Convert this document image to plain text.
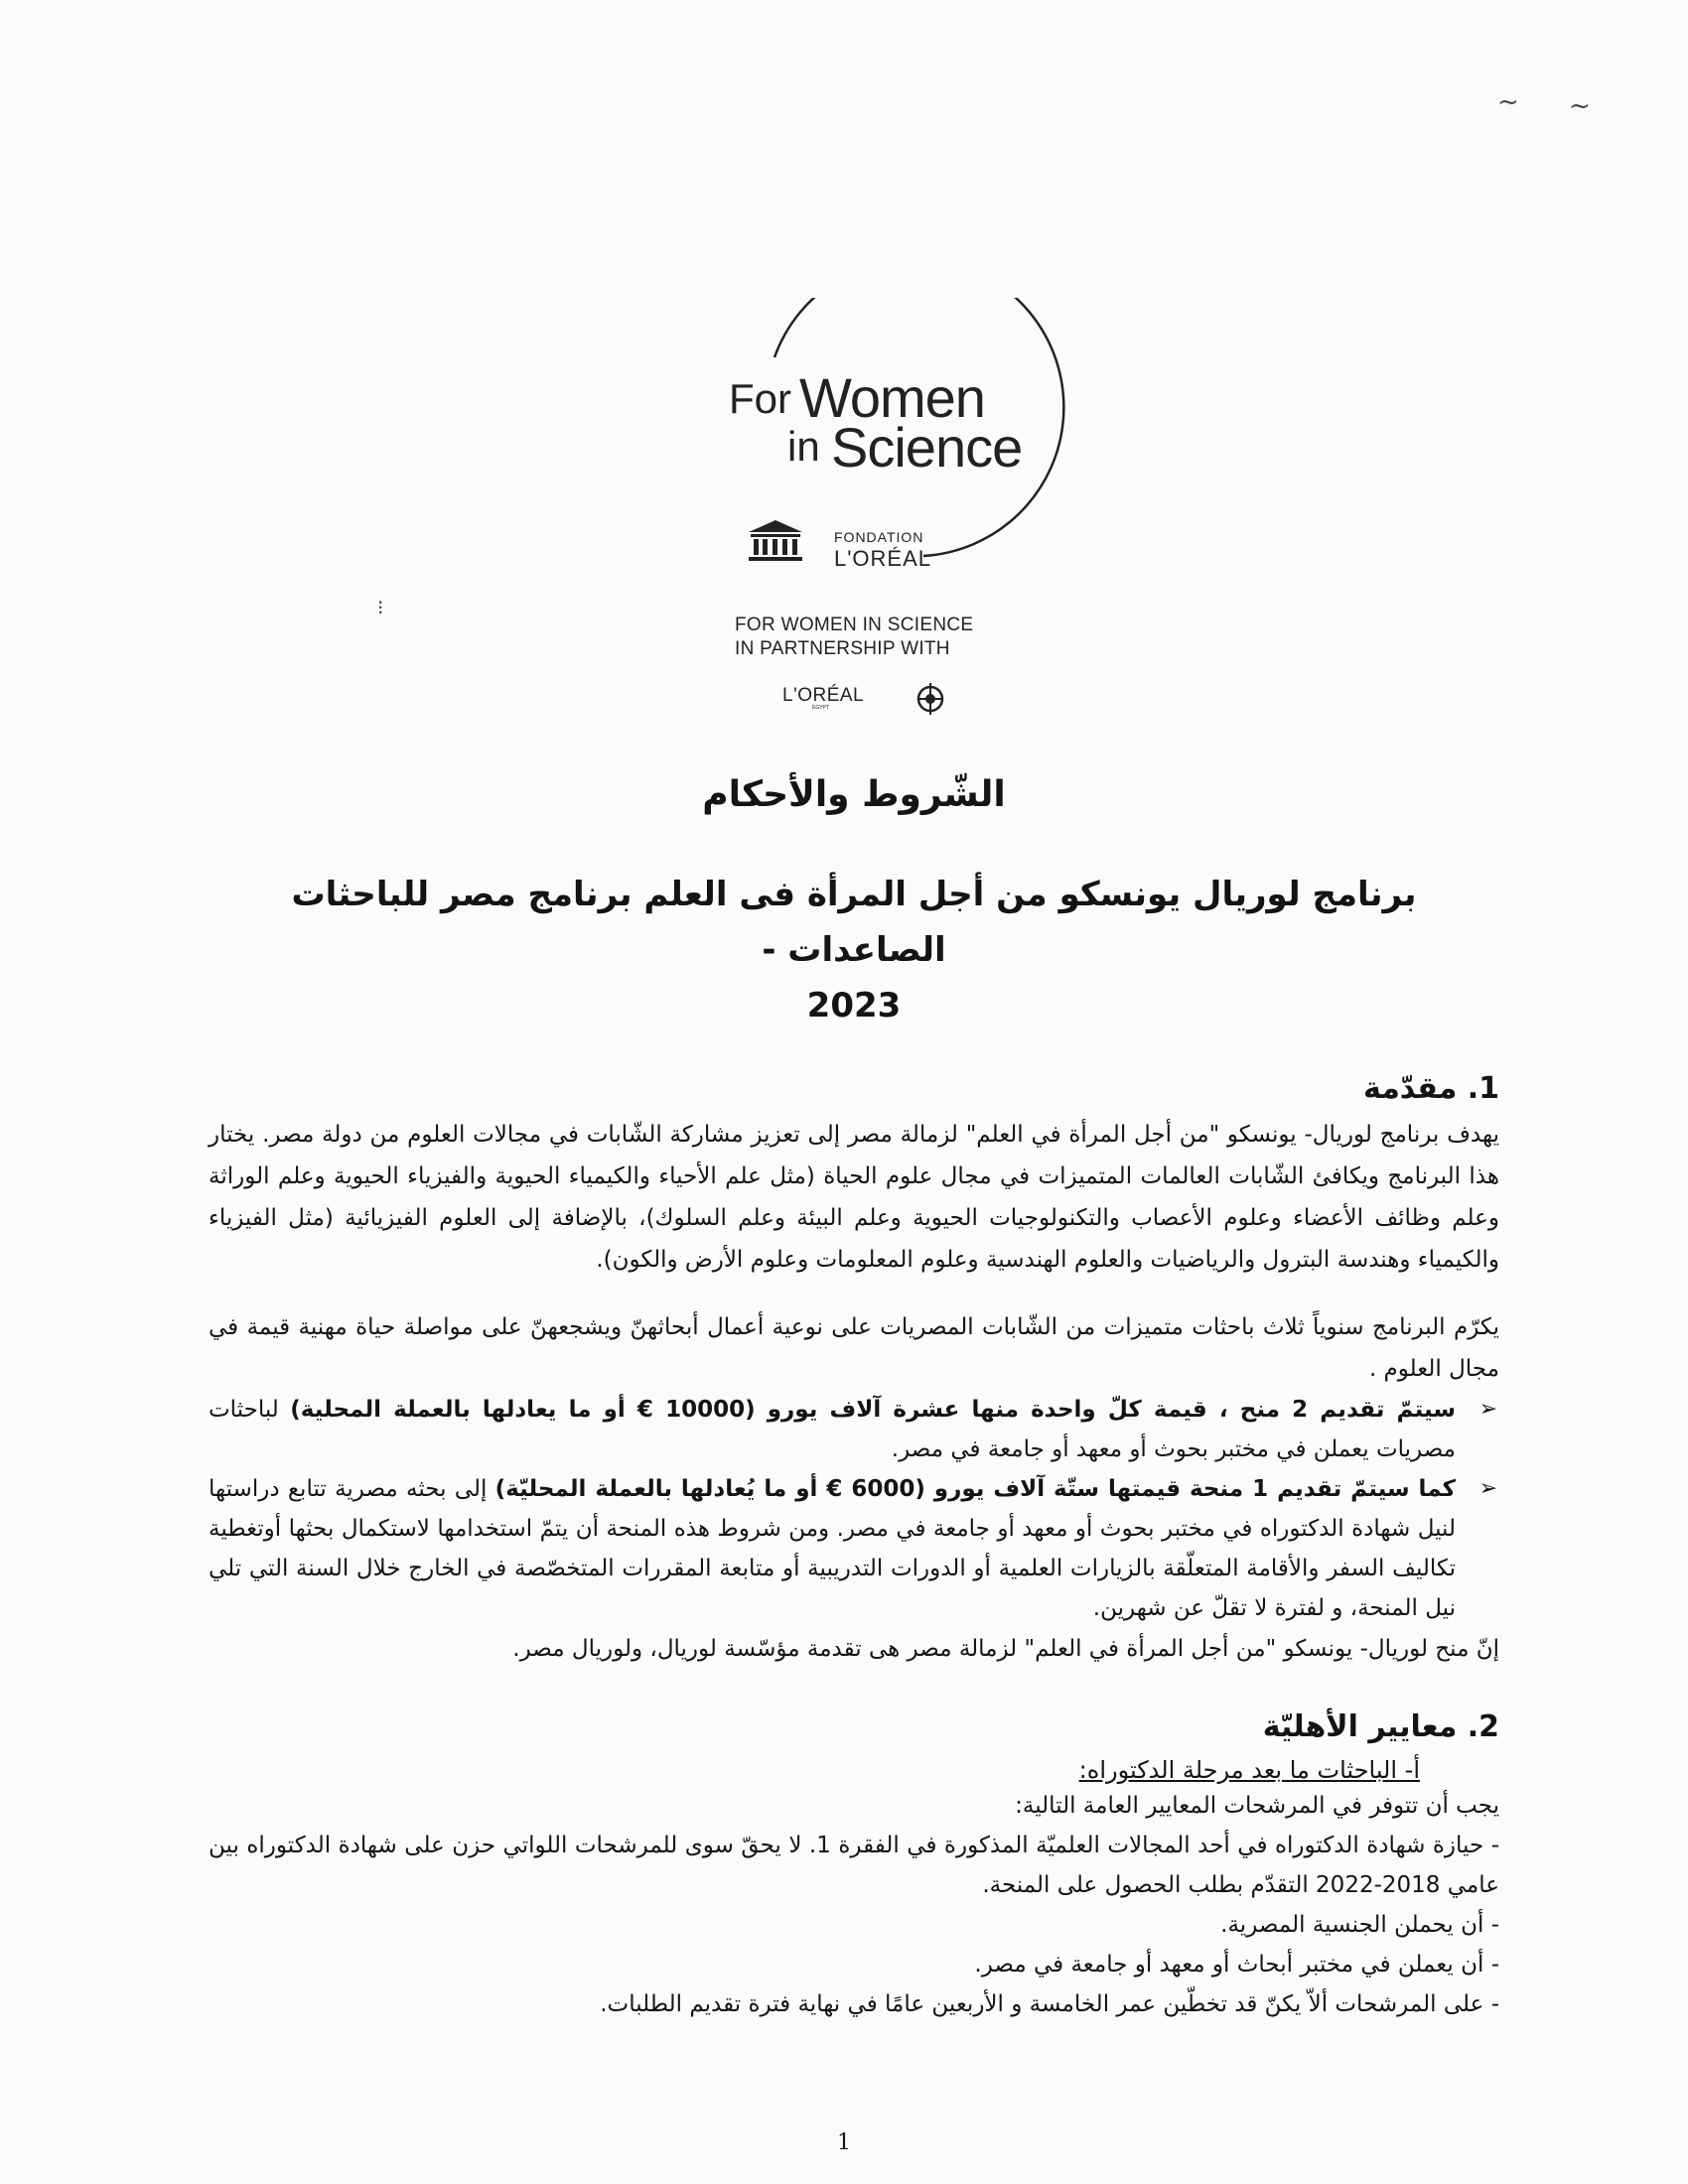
~ ~
⁝
For Women
in Science
FONDATION
L'ORÉAL
FOR WOMEN IN SCIENCE
IN PARTNERSHIP WITH
L'ORÉAL
EGYPT
الشّروط والأحكام
برنامج لوريال يونسكو من أجل المرأة فى العلم برنامج مصر للباحثات الصاعدات -
2023
1. مقدّمة

يهدف برنامج لوريال- يونسكو "من أجل المرأة في العلم" لزمالة مصر إلى تعزيز مشاركة الشّابات في مجالات العلوم من دولة مصر. يختار هذا البرنامج ويكافئ الشّابات العالمات المتميزات في مجال علوم الحياة (مثل علم الأحياء والكيمياء الحيوية والفيزياء الحيوية وعلم الوراثة وعلم وظائف الأعضاء وعلوم الأعصاب والتكنولوجيات الحيوية وعلم البيئة وعلم السلوك)، بالإضافة إلى العلوم الفيزيائية (مثل الفيزياء والكيمياء وهندسة البترول والرياضيات والعلوم الهندسية وعلوم المعلومات وعلوم الأرض والكون).

يكرّم البرنامج سنوياً ثلاث باحثات متميزات من الشّابات المصريات على نوعية أعمال أبحاثهنّ ويشجعهنّ على مواصلة حياة مهنية قيمة في مجال العلوم .

➢ سيتمّ تقديم 2 منح ، قيمة كلّ واحدة منها عشرة آلاف يورو (10000 € أو ما يعادلها بالعملة المحلية) لباحثات مصريات يعملن في مختبر بحوث أو معهد أو جامعة في مصر.
➢ كما سيتمّ تقديم 1 منحة قيمتها ستّة آلاف يورو (6000 € أو ما يُعادلها بالعملة المحليّة) إلى بحثه مصرية تتابع دراستها لنيل شهادة الدكتوراه في مختبر بحوث أو معهد أو جامعة في مصر. ومن شروط هذه المنحة أن يتمّ استخدامها لاستكمال بحثها أوتغطية تكاليف السفر والأقامة المتعلّقة بالزيارات العلمية أو الدورات التدريبية أو متابعة المقررات المتخصّصة في الخارج خلال السنة التي تلي نيل المنحة، و لفترة لا تقلّ عن شهرين.

إنّ منح لوريال- يونسكو "من أجل المرأة في العلم" لزمالة مصر هى تقدمة مؤسّسة لوريال، ولوريال مصر.

2. معايير الأهليّة
أ- الباحثات ما بعد مرحلة الدكتوراه:

يجب أن تتوفر في المرشحات المعايير العامة التالية:

- حيازة شهادة الدكتوراه في أحد المجالات العلميّة المذكورة في الفقرة 1. لا يحقّ سوى للمرشحات اللواتي حزن على شهادة الدكتوراه بين عامي 2018-2022 التقدّم بطلب الحصول على المنحة.

- أن يحملن الجنسية المصرية.

- أن يعملن في مختبر أبحاث أو معهد أو جامعة في مصر.

- على المرشحات ألاّ يكنّ قد تخطّين عمر الخامسة و الأربعين عامًا في نهاية فترة تقديم الطلبات.

1
